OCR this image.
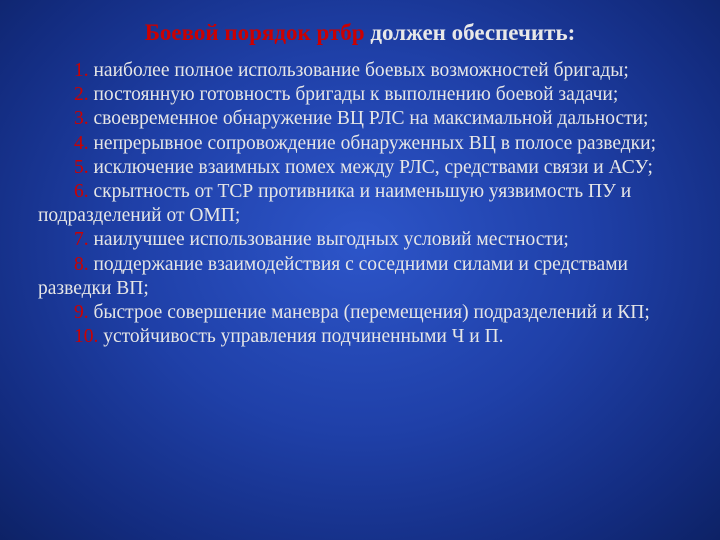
Боевой порядок ртбр должен обеспечить:
1. наиболее полное использование боевых возможностей бригады;
2. постоянную готовность бригады к выполнению боевой задачи;
3. своевременное обнаружение ВЦ РЛС на максимальной дальности;
4. непрерывное сопровождение обнаруженных ВЦ в полосе разведки;
5. исключение взаимных помех между РЛС, средствами связи и АСУ;
6. скрытность от ТСР противника и наименьшую уязвимость ПУ и подразделений от ОМП;
7. наилучшее использование выгодных условий местности;
8. поддержание взаимодействия с соседними силами и средствами разведки ВП;
9. быстрое совершение маневра (перемещения) подразделений и КП;
10. устойчивость управления подчиненными Ч и П.
